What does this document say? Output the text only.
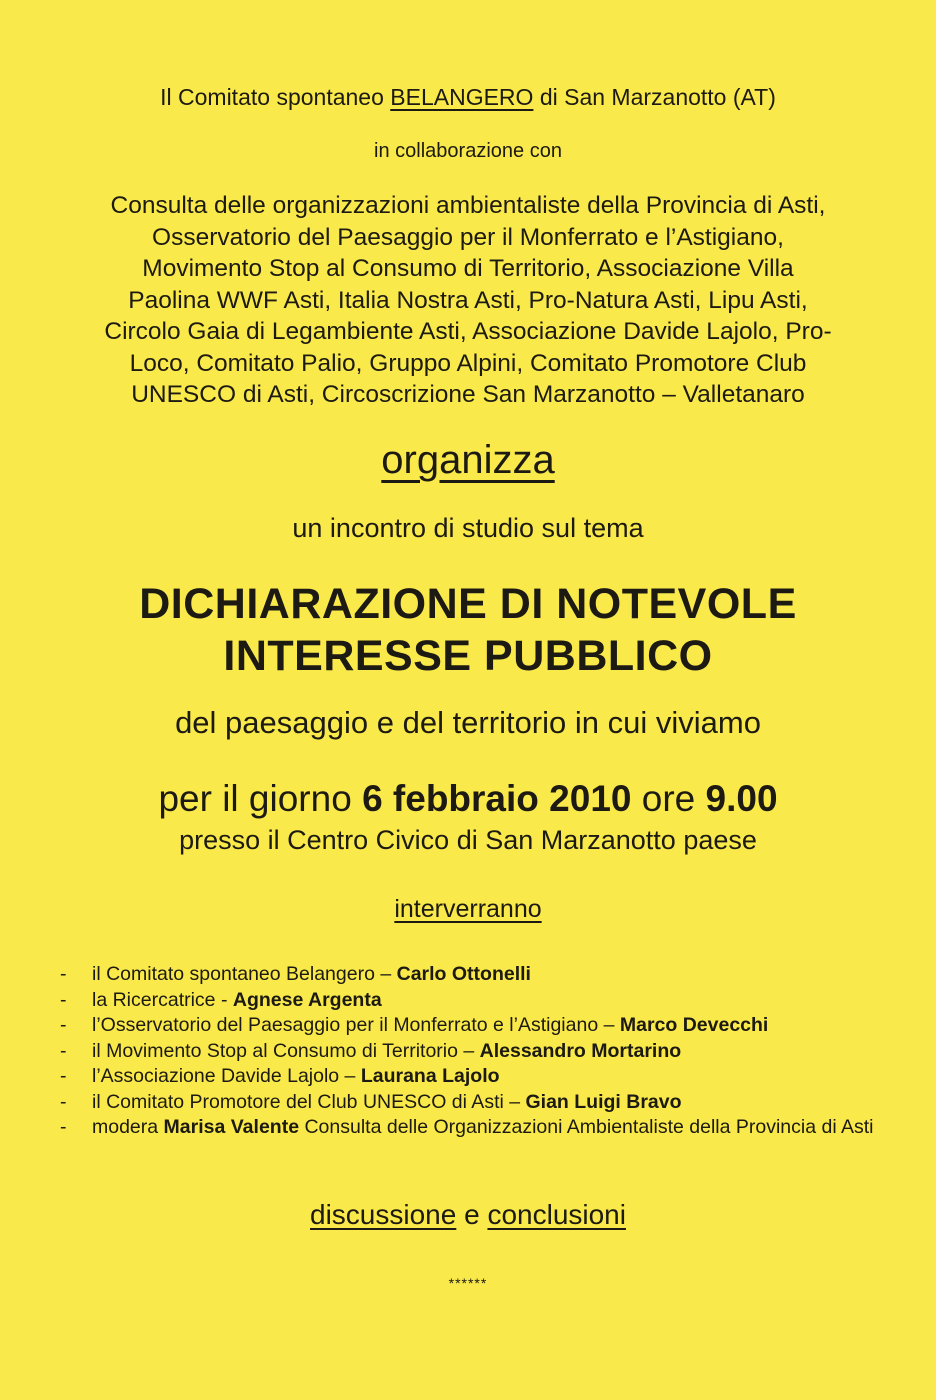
Il Comitato spontaneo BELANGERO di San Marzanotto (AT)

in collaborazione con

Consulta delle organizzazioni ambientaliste della Provincia di Asti,
Osservatorio del Paesaggio per il Monferrato e l’Astigiano,
Movimento Stop al Consumo di Territorio, Associazione Villa
Paolina WWF Asti, Italia Nostra Asti, Pro-Natura Asti, Lipu Asti,
Circolo Gaia di Legambiente Asti, Associazione Davide Lajolo, Pro-
Loco, Comitato Palio, Gruppo Alpini, Comitato Promotore Club
UNESCO di Asti, Circoscrizione San Marzanotto – Valletanaro

organizza

un incontro di studio sul tema

DICHIARAZIONE DI NOTEVOLE
INTERESSE PUBBLICO

del paesaggio e del territorio in cui viviamo

per il giorno 6 febbraio 2010 ore 9.00

presso il Centro Civico di San Marzanotto paese

interverranno

- il Comitato spontaneo Belangero – Carlo Ottonelli
- la Ricercatrice - Agnese Argenta
- l’Osservatorio del Paesaggio per il Monferrato e l’Astigiano – Marco Devecchi
- il Movimento Stop al Consumo di Territorio – Alessandro Mortarino
- l’Associazione Davide Lajolo – Laurana Lajolo
- il Comitato Promotore del Club UNESCO di Asti – Gian Luigi Bravo
- modera Marisa Valente Consulta delle Organizzazioni Ambientaliste della Provincia di Asti

discussione e conclusioni

******
